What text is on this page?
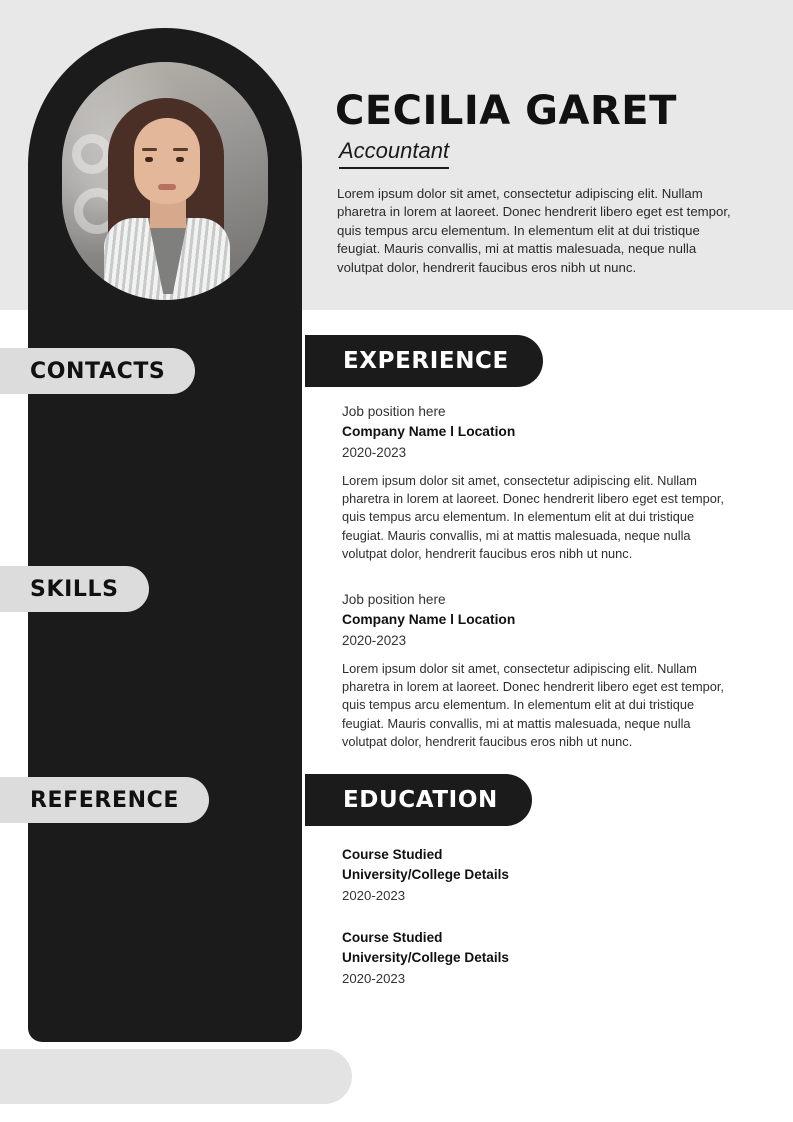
CECILIA GARET
Accountant
Lorem ipsum dolor sit amet, consectetur adipiscing elit. Nullam pharetra in lorem at laoreet. Donec hendrerit libero eget est tempor, quis tempus arcu elementum. In elementum elit at dui tristique feugiat. Mauris convallis, mi at mattis malesuada, neque nulla volutpat dolor, hendrerit faucibus eros nibh ut nunc.
CONTACTS
SKILLS
REFERENCE
EXPERIENCE
Job position here
Company Name l Location
2020-2023
Lorem ipsum dolor sit amet, consectetur adipiscing elit. Nullam pharetra in lorem at laoreet. Donec hendrerit libero eget est tempor, quis tempus arcu elementum. In elementum elit at dui tristique feugiat. Mauris convallis, mi at mattis malesuada, neque nulla volutpat dolor, hendrerit faucibus eros nibh ut nunc.
Job position here
Company Name l Location
2020-2023
Lorem ipsum dolor sit amet, consectetur adipiscing elit. Nullam pharetra in lorem at laoreet. Donec hendrerit libero eget est tempor, quis tempus arcu elementum. In elementum elit at dui tristique feugiat. Mauris convallis, mi at mattis malesuada, neque nulla volutpat dolor, hendrerit faucibus eros nibh ut nunc.
EDUCATION
Course Studied
University/College Details
2020-2023
Course Studied
University/College Details
2020-2023
